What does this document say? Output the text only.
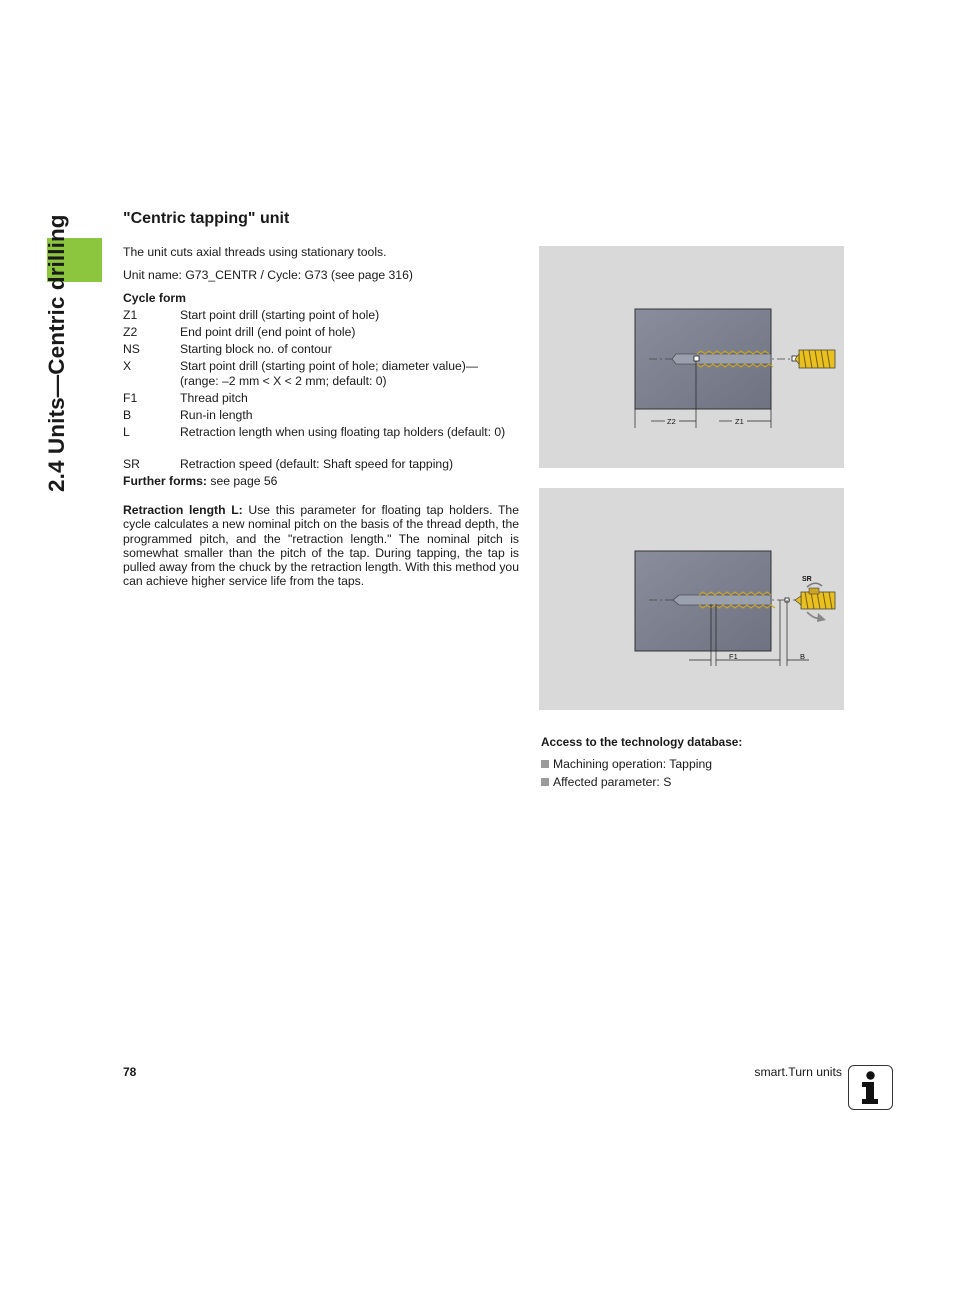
2.4 Units—Centric drilling	"Centric tapping" unit
The unit cuts axial threads using stationary tools.
Unit name: G73_CENTR / Cycle: G73 (see page 316)
Cycle form
Z1	Start point drill (starting point of hole)
Z2	End point drill (end point of hole)
NS	Starting block no. of contour
X	Start point drill (starting point of hole; diameter value)—(range: –2 mm < X < 2 mm; default: 0)
F1	Thread pitch
B	Run-in length
L	Retraction length when using floating tap holders (default: 0)
SR	Retraction speed (default: Shaft speed for tapping)
Further forms: see page 56
Retraction length L: Use this parameter for floating tap holders. The cycle calculates a new nominal pitch on the basis of the thread depth, the programmed pitch, and the "retraction length." The nominal pitch is somewhat smaller than the pitch of the tap. During tapping, the tap is pulled away from the chuck by the retraction length. With this method you can achieve higher service life from the taps.
Z2	Z1
SR
F1	B
Access to the technology database:
Machining operation: Tapping
Affected parameter: S
78	smart.Turn units
